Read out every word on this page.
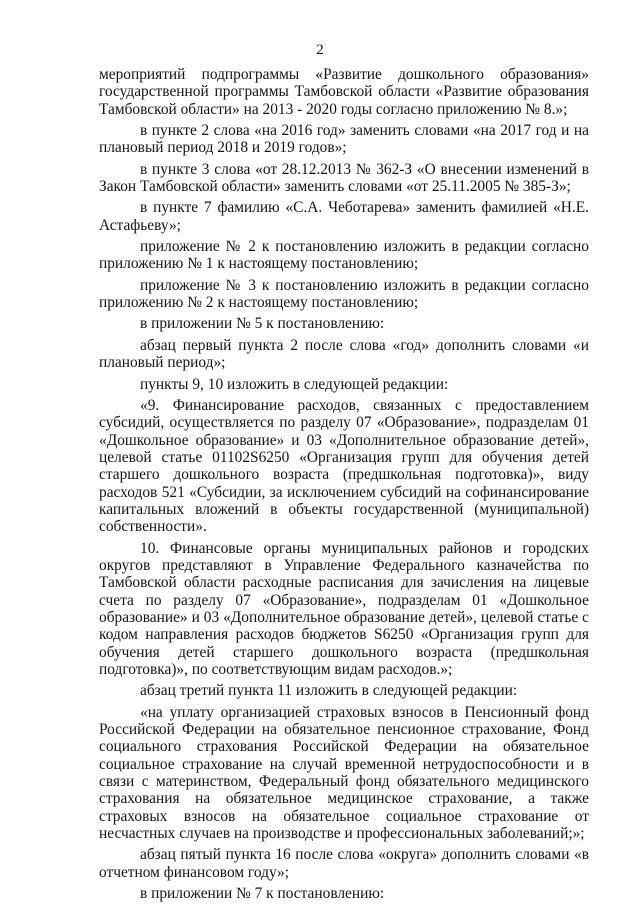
2

мероприятий подпрограммы «Развитие дошкольного образования» государственной программы Тамбовской области «Развитие образования Тамбовской области» на 2013 - 2020 годы согласно приложению № 8.»;

в пункте 2 слова «на 2016 год» заменить словами «на 2017 год и на плановый период 2018 и 2019 годов»;

в пункте 3 слова «от 28.12.2013 № 362-З «О внесении изменений в Закон Тамбовской области» заменить словами «от 25.11.2005 № 385-З»;

в пункте 7 фамилию «С.А. Чеботарева» заменить фамилией «Н.Е. Астафьеву»;

приложение № 2 к постановлению изложить в редакции согласно приложению № 1 к настоящему постановлению;

приложение № 3 к постановлению изложить в редакции согласно приложению № 2 к настоящему постановлению;

в приложении № 5 к постановлению:

абзац первый пункта 2 после слова «год» дополнить словами «и плановый период»;

пункты 9, 10 изложить в следующей редакции:

«9. Финансирование расходов, связанных с предоставлением субсидий, осуществляется по разделу 07 «Образование», подразделам 01 «Дошкольное образование» и 03 «Дополнительное образование детей», целевой статье 01102S6250 «Организация групп для обучения детей старшего дошкольного возраста (предшкольная подготовка)», виду расходов 521 «Субсидии, за исключением субсидий на софинансирование капитальных вложений в объекты государственной (муниципальной) собственности».

10. Финансовые органы муниципальных районов и городских округов представляют в Управление Федерального казначейства по Тамбовской области расходные расписания для зачисления на лицевые счета по разделу 07 «Образование», подразделам 01 «Дошкольное образование» и 03 «Дополнительное образование детей», целевой статье с кодом направления расходов бюджетов S6250 «Организация групп для обучения детей старшего дошкольного возраста (предшкольная подготовка)», по соответствующим видам расходов.»;

абзац третий пункта 11 изложить в следующей редакции:

«на уплату организацией страховых взносов в Пенсионный фонд Российской Федерации на обязательное пенсионное страхование, Фонд социального страхования Российской Федерации на обязательное социальное страхование на случай временной нетрудоспособности и в связи с материнством, Федеральный фонд обязательного медицинского страхования на обязательное медицинское страхование, а также страховых взносов на обязательное социальное страхование от несчастных случаев на производстве и профессиональных заболеваний;»;

абзац пятый пункта 16 после слова «округа» дополнить словами «в отчетном финансовом году»;

в приложении № 7 к постановлению:
